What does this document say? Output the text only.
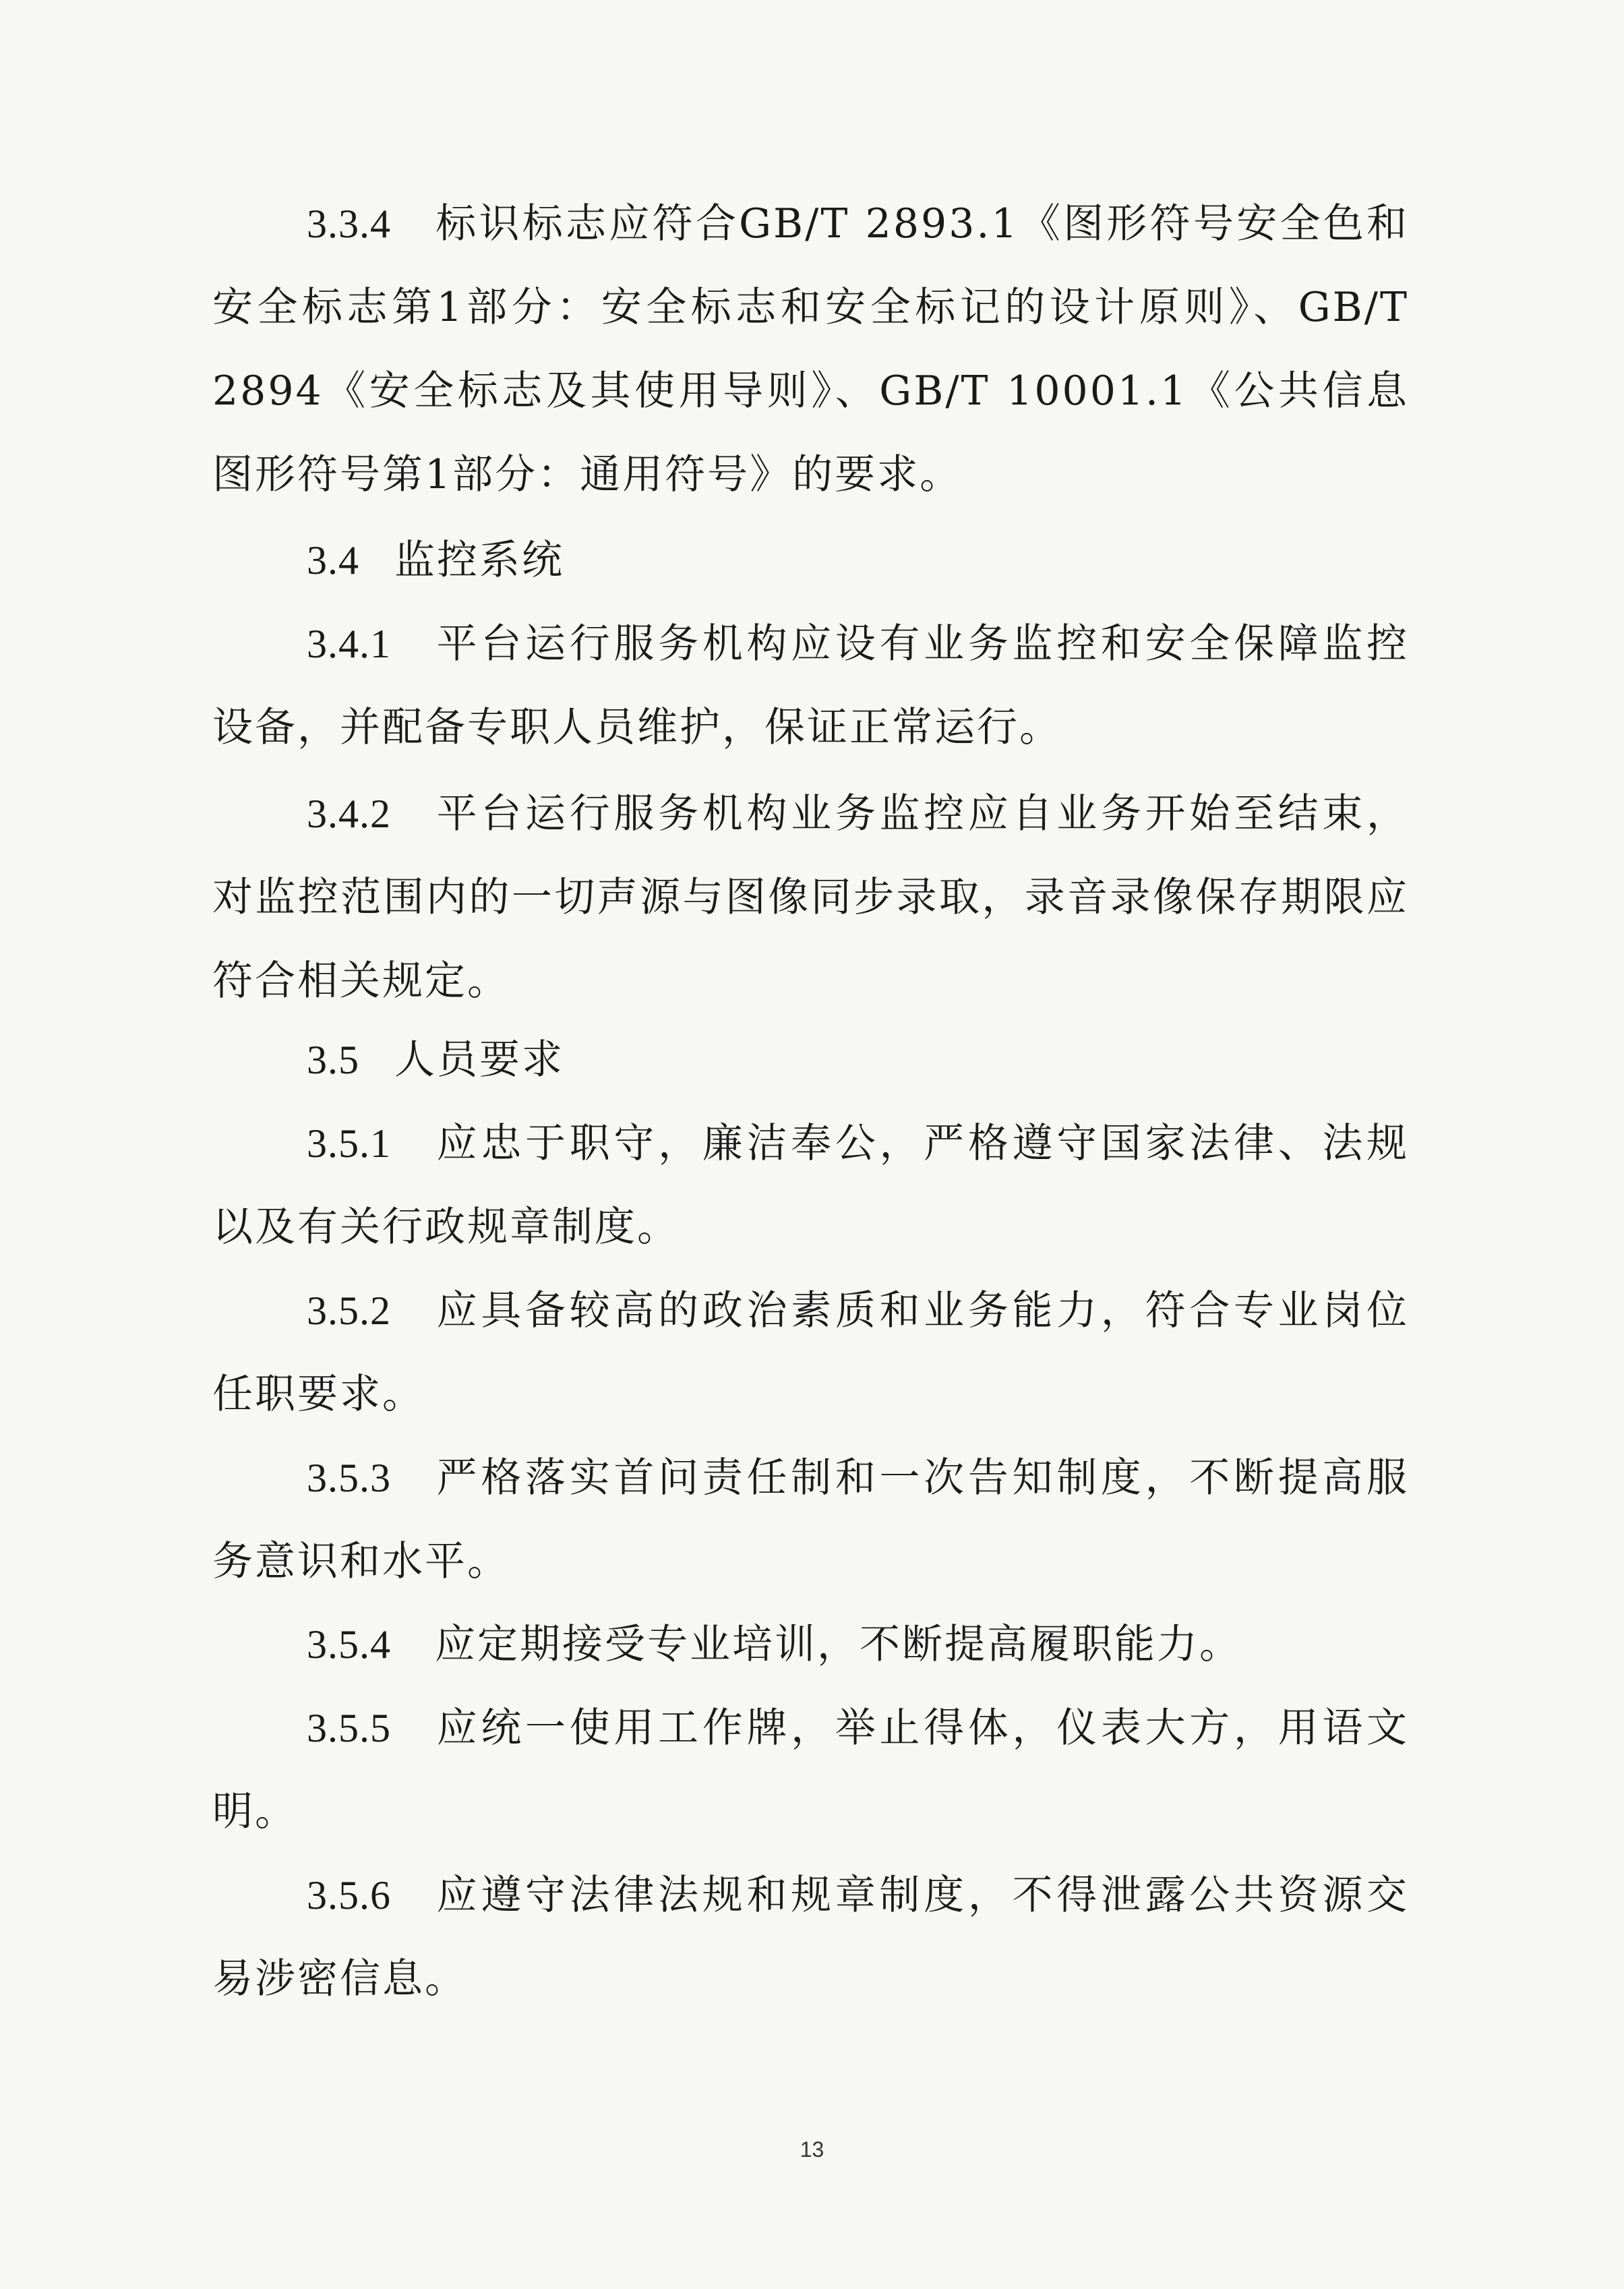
3.3.4 标识标志应符合GB/T 2893.1《图形符号安全色和安全标志第1部分：安全标志和安全标记的设计原则》、GB/T 2894《安全标志及其使用导则》、GB/T 10001.1《公共信息图形符号第1部分：通用符号》的要求。

3.4 监控系统

3.4.1 平台运行服务机构应设有业务监控和安全保障监控设备，并配备专职人员维护，保证正常运行。

3.4.2 平台运行服务机构业务监控应自业务开始至结束，对监控范围内的一切声源与图像同步录取，录音录像保存期限应符合相关规定。

3.5 人员要求

3.5.1 应忠于职守，廉洁奉公，严格遵守国家法律、法规以及有关行政规章制度。

3.5.2 应具备较高的政治素质和业务能力，符合专业岗位任职要求。

3.5.3 严格落实首问责任制和一次告知制度，不断提高服务意识和水平。

3.5.4 应定期接受专业培训，不断提高履职能力。

3.5.5 应统一使用工作牌，举止得体，仪表大方，用语文明。

3.5.6 应遵守法律法规和规章制度，不得泄露公共资源交易涉密信息。

13
